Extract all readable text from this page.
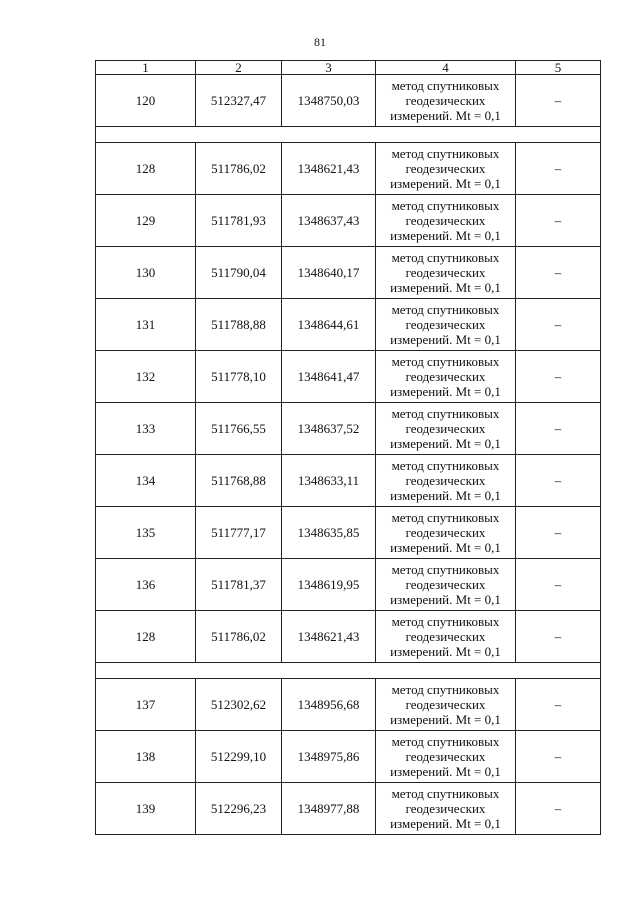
81
1	2	3	4	5
120	512327,47	1348750,03	метод спутниковых
геодезических
измерений. Mt = 0,1	–

128	511786,02	1348621,43	метод спутниковых
геодезических
измерений. Mt = 0,1	–
129	511781,93	1348637,43	метод спутниковых
геодезических
измерений. Mt = 0,1	–
130	511790,04	1348640,17	метод спутниковых
геодезических
измерений. Mt = 0,1	–
131	511788,88	1348644,61	метод спутниковых
геодезических
измерений. Mt = 0,1	–
132	511778,10	1348641,47	метод спутниковых
геодезических
измерений. Mt = 0,1	–
133	511766,55	1348637,52	метод спутниковых
геодезических
измерений. Mt = 0,1	–
134	511768,88	1348633,11	метод спутниковых
геодезических
измерений. Mt = 0,1	–
135	511777,17	1348635,85	метод спутниковых
геодезических
измерений. Mt = 0,1	–
136	511781,37	1348619,95	метод спутниковых
геодезических
измерений. Mt = 0,1	–
128	511786,02	1348621,43	метод спутниковых
геодезических
измерений. Mt = 0,1	–

137	512302,62	1348956,68	метод спутниковых
геодезических
измерений. Mt = 0,1	–
138	512299,10	1348975,86	метод спутниковых
геодезических
измерений. Mt = 0,1	–
139	512296,23	1348977,88	метод спутниковых
геодезических
измерений. Mt = 0,1	–
